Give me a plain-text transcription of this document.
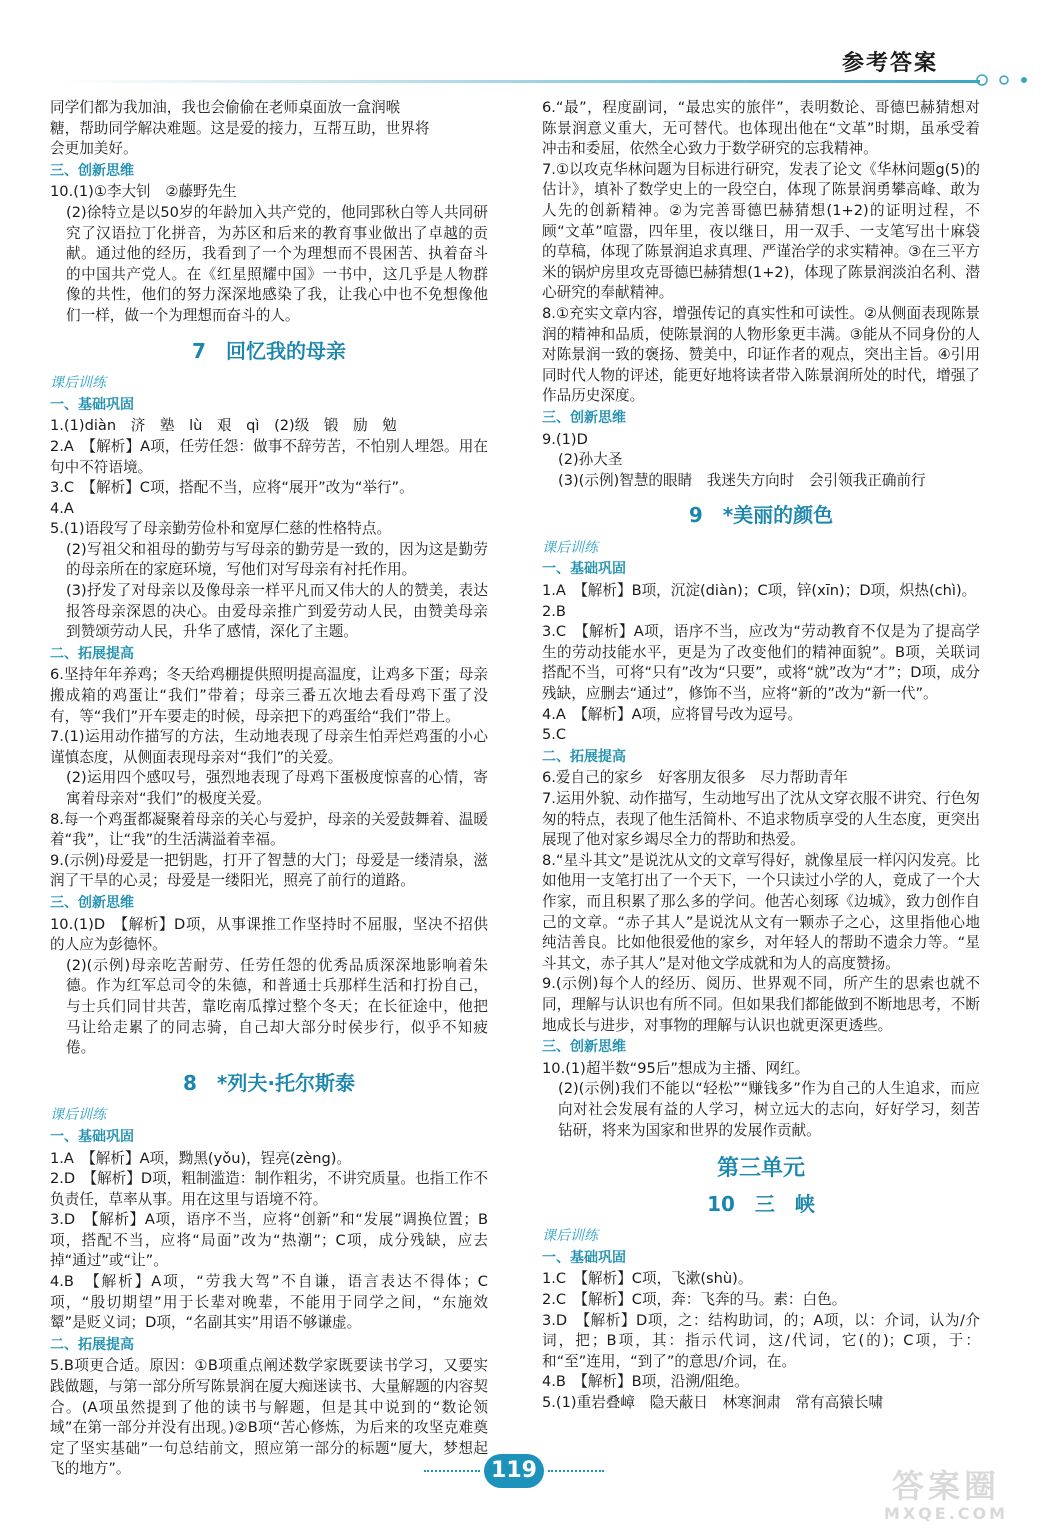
参考答案

同学们都为我加油，我也会偷偷在老师桌面放一盒润喉

糖，帮助同学解决难题。这是爱的接力，互帮互助，世界将

会更加美好。

三、创新思维

10.(1)①李大钊　②藤野先生

(2)徐特立是以50岁的年龄加入共产党的，他同郢秋白等人共同研究了汉语拉丁化拼音，为苏区和后来的教育事业做出了卓越的贡献。通过他的经历，我看到了一个为理想而不畏困苦、执着奋斗的中国共产党人。在《红星照耀中国》一书中，这几乎是人物群像的共性，他们的努力深深地感染了我，让我心中也不免想像他们一样，做一个为理想而奋斗的人。

7　回忆我的母亲
课后训练
一、基础巩固

1.(1)diàn　济　塾　lù　艰　qì　(2)级　锻　励　勉

2.A　【解析】A项，任劳任怨：做事不辞劳苦，不怕别人埋怨。用在句中不符语境。

3.C　【解析】C项，搭配不当，应将“展开”改为“举行”。

4.A

5.(1)语段写了母亲勤劳俭朴和宽厚仁慈的性格特点。

(2)写祖父和祖母的勤劳与写母亲的勤劳是一致的，因为这是勤劳的母亲所在的家庭环境，写他们对写母亲有衬托作用。

(3)抒发了对母亲以及像母亲一样平凡而又伟大的人的赞美，表达报答母亲深恩的决心。由爱母亲推广到爱劳动人民，由赞美母亲到赞颂劳动人民，升华了感情，深化了主题。

二、拓展提高

6.坚持年年养鸡；冬天给鸡棚提供照明提高温度，让鸡多下蛋；母亲搬成箱的鸡蛋让“我们”带着；母亲三番五次地去看母鸡下蛋了没有，等“我们”开车要走的时候，母亲把下的鸡蛋给“我们”带上。

7.(1)运用动作描写的方法，生动地表现了母亲生怕弄烂鸡蛋的小心谨慎态度，从侧面表现母亲对“我们”的关爱。

(2)运用四个感叹号，强烈地表现了母鸡下蛋极度惊喜的心情，寄寓着母亲对“我们”的极度关爱。

8.每一个鸡蛋都凝聚着母亲的关心与爱护，母亲的关爱鼓舞着、温暖着“我”，让“我”的生活满溢着幸福。

9.(示例)母爱是一把钥匙，打开了智慧的大门；母爱是一缕清泉，滋润了干旱的心灵；母爱是一缕阳光，照亮了前行的道路。

三、创新思维

10.(1)D　【解析】D项，从事课推工作坚持时不屈服，坚决不招供的人应为彭德怀。

(2)(示例)母亲吃苦耐劳、任劳任怨的优秀品质深深地影响着朱德。作为红军总司令的朱德，和普通士兵那样生活和打扮自己，与士兵们同甘共苦，靠吃南瓜撑过整个冬天；在长征途中，他把马让给走累了的同志骑，自己却大部分时侯步行，似乎不知疲倦。

8　*列夫·托尔斯泰
课后训练
一、基础巩固

1.A　【解析】A项，黝黑(yǒu)，锃亮(zèng)。

2.D　【解析】D项，粗制滥造：制作粗劣，不讲究质量。也指工作不负责任，草率从事。用在这里与语境不符。

3.D　【解析】A项，语序不当，应将“创新”和“发展”调换位置；B项，搭配不当，应将“局面”改为“热潮”；C项，成分残缺，应去掉“通过”或“让”。

4.B　【解析】A项，“劳我大驾”不自谦，语言表达不得体；C项，“殷切期望”用于长辈对晚辈，不能用于同学之间，“东施效颦”是贬义词；D项，“名副其实”用语不够谦虚。

二、拓展提高

5.B项更合适。原因：①B项重点阐述数学家既要读书学习，又要实践做题，与第一部分所写陈景润在厦大痴迷读书、大量解题的内容契合。(A项虽然提到了他的读书与解题，但是其中说到的“数论领域”在第一部分并没有出现。)②B项“苦心修炼，为后来的攻坚克难奠定了坚实基础”一句总结前文，照应第一部分的标题“厦大，梦想起飞的地方”。

6.“最”，程度副词，“最忠实的旅伴”，表明数论、哥德巴赫猜想对陈景润意义重大，无可替代。也体现出他在“文革”时期，虽承受着冲击和委屈，依然全心致力于数学研究的忘我精神。

7.①以攻克华林问题为目标进行研究，发表了论文《华林问题g(5)的估计》，填补了数学史上的一段空白，体现了陈景润勇攀高峰、敢为人先的创新精神。②为完善哥德巴赫猜想(1+2)的证明过程，不顾“文革”喧嚣，四年里，夜以继日，用一双手、一支笔写出十麻袋的草稿，体现了陈景润追求真理、严谨治学的求实精神。③在三平方米的锅炉房里攻克哥德巴赫猜想(1+2)，体现了陈景润淡泊名利、潜心研究的奉献精神。

8.①充实文章内容，增强传记的真实性和可读性。②从侧面表现陈景润的精神和品质，使陈景润的人物形象更丰满。③能从不同身份的人对陈景润一致的褒扬、赞美中，印证作者的观点，突出主旨。④引用同时代人物的评述，能更好地将读者带入陈景润所处的时代，增强了作品历史深度。

三、创新思维

9.(1)D

(2)孙大圣

(3)(示例)智慧的眼睛　我迷失方向时　会引领我正确前行

9　*美丽的颜色
课后训练
一、基础巩固

1.A　【解析】B项，沉淀(diàn)；C项，锌(xīn)；D项，炽热(chì)。

2.B

3.C　【解析】A项，语序不当，应改为“劳动教育不仅是为了提高学生的劳动技能水平，更是为了改变他们的精神面貌”。B项，关联词搭配不当，可将“只有”改为“只要”，或将“就”改为“才”；D项，成分残缺，应删去“通过”，修饰不当，应将“新的”改为“新一代”。

4.A　【解析】A项，应将冒号改为逗号。

5.C

二、拓展提高

6.爱自己的家乡　好客朋友很多　尽力帮助青年

7.运用外貌、动作描写，生动地写出了沈从文穿衣服不讲究、行色匆匆的特点，表现了他生活简朴、不追求物质享受的人生态度，更突出展现了他对家乡竭尽全力的帮助和热爱。

8.“星斗其文”是说沈从文的文章写得好，就像星辰一样闪闪发亮。比如他用一支笔打出了一个天下，一个只读过小学的人，竟成了一个大作家，而且积累了那么多的学问。他苦心刻琢《边城》，致力创作自己的文章。“赤子其人”是说沈从文有一颗赤子之心，这里指他心地纯洁善良。比如他很爱他的家乡，对年轻人的帮助不遗余力等。“星斗其文，赤子其人”是对他文学成就和为人的高度赞扬。

9.(示例)每个人的经历、阅历、世界观不同，所产生的思索也就不同，理解与认识也有所不同。但如果我们都能做到不断地思考，不断地成长与进步，对事物的理解与认识也就更深更透些。

三、创新思维

10.(1)超半数“95后”想成为主播、网红。

(2)(示例)我们不能以“轻松”“赚钱多”作为自己的人生追求，而应向对社会发展有益的人学习，树立远大的志向，好好学习，刻苦钻研，将来为国家和世界的发展作贡献。

第三单元
10　三　峡
课后训练
一、基础巩固

1.C　【解析】C项，飞漱(shù)。

2.C　【解析】C项，奔：飞奔的马。素：白色。

3.D　【解析】D项，之：结构助词，的；A项，以：介词，认为/介词，把；B项，其：指示代词，这/代词，它(的)；C项，于：和“至”连用，“到了”的意思/介词，在。

4.B　【解析】B项，沿溯/阻绝。

5.(1)重岩叠嶂　隐天蔽日　林寒涧肃　常有高猿长啸

119	答案圈
MXQE.COM
